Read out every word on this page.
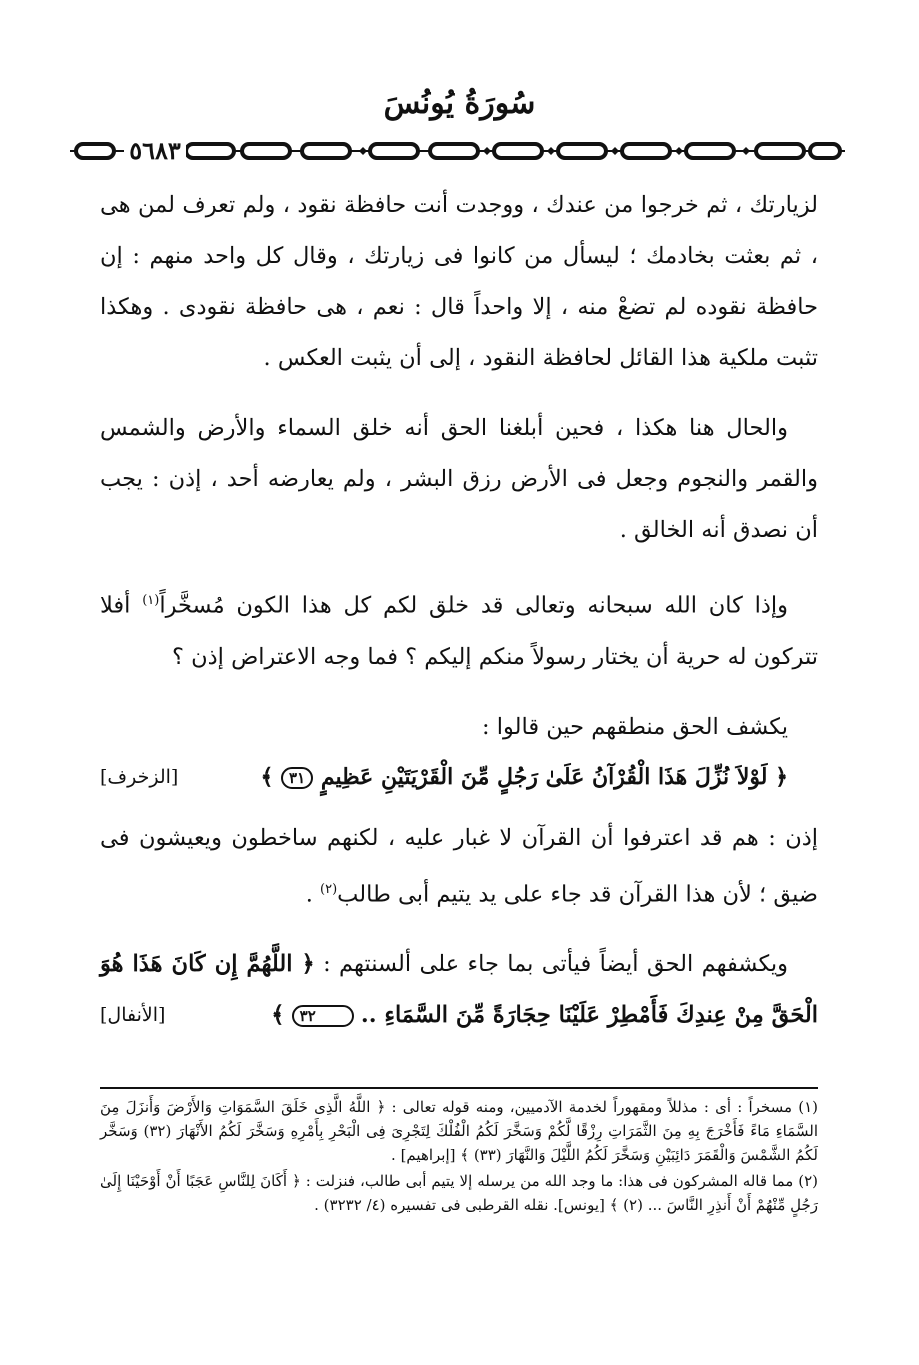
سُورَةُ يُونُسَ
٥٦٨٣

لزيارتك ، ثم خرجوا من عندك ، ووجدت أنت حافظة نقود ، ولم تعرف لمن هى ، ثم بعثت بخادمك ؛ ليسأل من كانوا فى زيارتك ، وقال كل واحد منهم : إن حافظة نقوده لم تضعْ منه ، إلا واحداً قال : نعم ، هى حافظة نقودى . وهكذا تثبت ملكية هذا القائل لحافظة النقود ، إلى أن يثبت العكس .

والحال هنا هكذا ، فحين أبلغنا الحق أنه خلق السماء والأرض والشمس والقمر والنجوم وجعل فى الأرض رزق البشر ، ولم يعارضه أحد ، إذن : يجب أن نصدق أنه الخالق .

وإذا كان الله سبحانه وتعالى قد خلق لكم كل هذا الكون مُسخَّراً$^{(١)}$ أفلا تتركون له حرية أن يختار رسولاً منكم إليكم ؟ فما وجه الاعتراض إذن ؟

يكشف الحق منطقهم حين قالوا :

﴿ لَوْلاَ نُزِّلَ هَذَا الْقُرْآنُ عَلَىٰ رَجُلٍ مِّنَ الْقَرْيَتَيْنِ عَظِيمٍ ٣١ ﴾
[الزخرف]

إذن : هم قد اعترفوا أن القرآن لا غبار عليه ، لكنهم ساخطون ويعيشون فى ضيق ؛ لأن هذا القرآن قد جاء على يد يتيم أبى طالب$^{(٢)}$ .

ويكشفهم الحق أيضاً فيأتى بما جاء على ألسنتهم : ﴿ اللَّهُمَّ إِن كَانَ هَذَا هُوَ الْحَقَّ مِنْ عِندِكَ فَأَمْطِرْ عَلَيْنَا حِجَارَةً مِّنَ السَّمَاءِ .. ٣٢ ﴾
[الأنفال]

(١) مسخراً : أى : مذللاً ومقهوراً لخدمة الآدميين، ومنه قوله تعالى : ﴿ اللَّهُ الَّذِى خَلَقَ السَّمَوَاتِ وَالأَرْضَ وَأَنزَلَ مِنَ السَّمَاءِ مَاءً فَأَخْرَجَ بِهِ مِنَ الثَّمَرَاتِ رِزْقًا لَّكُمْ وَسَخَّرَ لَكُمُ الْفُلْكَ لِتَجْرِىَ فِى الْبَحْرِ بِأَمْرِهِ وَسَخَّرَ لَكُمُ الأَنْهَارَ (٣٢) وَسَخَّر لَكُمُ الشَّمْسَ وَالْقَمَرَ دَائِبَيْنِ وَسَخَّرَ لَكُمُ اللَّيْلَ وَالنَّهَارَ (٣٣) ﴾ [إبراهيم] .

(٢) مما قاله المشركون فى هذا: ما وجد الله من يرسله إلا يتيم أبى طالب، فنزلت : ﴿ أَكَانَ لِلنَّاسِ عَجَبًا أَنْ أَوْحَيْنَا إِلَىٰ رَجُلٍ مِّنْهُمْ أَنْ أَنذِرِ النَّاسَ ... (٢) ﴾ [يونس]. نقله القرطبى فى تفسيره (٤/ ٣٢٣٢) .
